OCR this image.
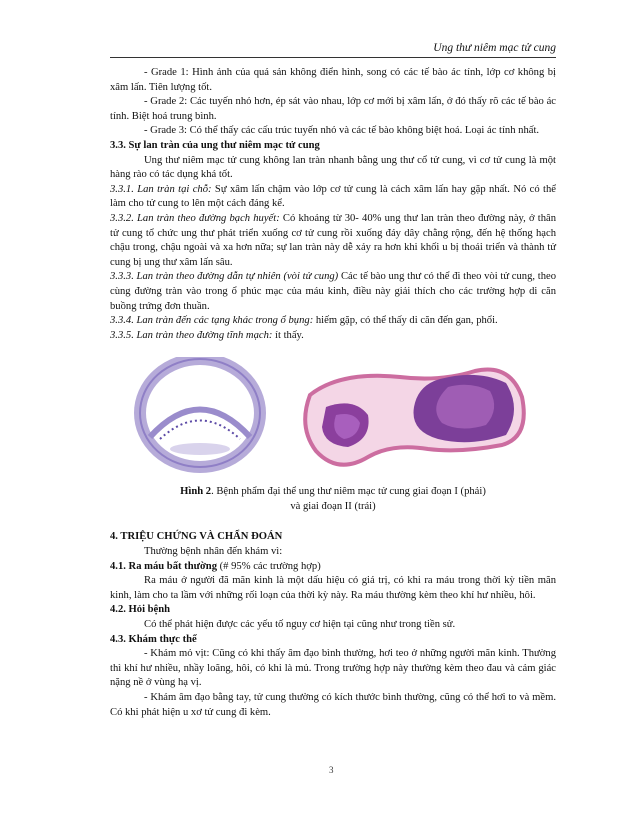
Ung thư niêm mạc tử cung

- Grade 1: Hình ảnh của quá sản không điển hình, song có các tế bào ác tính, lớp cơ không bị xâm lấn. Tiên lượng tốt.

- Grade 2: Các tuyến nhỏ hơn, ép sát vào nhau, lớp cơ mới bị xâm lấn, ở đó thấy rõ các tế bào ác tính. Biệt hoá trung bình.

- Grade 3: Có thể thấy các cấu trúc tuyến nhỏ và các tế bào không biệt hoá. Loại ác tính nhất.

3.3. Sự lan tràn của ung thư niêm mạc tử cung

Ung thư niêm mạc tử cung không lan tràn nhanh bằng ung thư cổ tử cung, vì cơ tử cung là một hàng rào có tác dụng khá tốt.

3.3.1. Lan tràn tại chỗ: Sự xâm lấn chậm vào lớp cơ tử cung là cách xâm lấn hay gặp nhất. Nó có thể làm cho tử cung to lên một cách đáng kể.

3.3.2. Lan tràn theo đường bạch huyết: Có khoảng từ 30- 40% ung thư lan tràn theo đường này, ở thân tử cung tổ chức ung thư phát triển xuống cơ tử cung rồi xuống đáy dây chằng rộng, đến hệ thống hạch chậu trong, chậu ngoài và xa hơn nữa; sự lan tràn này dễ xảy ra hơn khi khối u bị thoái triển và thành tử cung bị ung thư xâm lấn sâu.

3.3.3. Lan tràn theo đường dẫn tự nhiên (vòi tử cung) Các tế bào ung thư có thể đi theo vòi tử cung, theo cùng đường tràn vào trong ổ phúc mạc của máu kinh, điều này giải thích cho các trường hợp di căn buồng trứng đơn thuần.

3.3.4. Lan tràn đến các tạng khác trong ổ bụng: hiếm gặp, có thể thấy di căn đến gan, phổi.

3.3.5. Lan tràn theo đường tĩnh mạch: ít thấy.

Hình 2. Bệnh phẩm đại thể ung thư niêm mạc tử cung giai đoạn I (phải)

và giai đoạn II (trái)

4. TRIỆU CHỨNG VÀ CHẨN ĐOÁN

Thường bệnh nhân đến khám vì:

4.1. Ra máu bất thường (# 95% các trường hợp)

Ra máu ở người đã mãn kinh là một dấu hiệu có giá trị, có khi ra máu trong thời kỳ tiền mãn kinh, làm cho ta lầm với những rối loạn của thời kỳ này. Ra máu thường kèm theo khí hư nhiều, hôi.

4.2. Hỏi bệnh

Có thể phát hiện được các yếu tố nguy cơ hiện tại cũng như trong tiền sử.

4.3. Khám thực thể

- Khám mỏ vịt: Cũng có khi thấy âm đạo bình thường, hơi teo ở những người mãn kinh. Thường thì khí hư nhiều, nhầy loãng, hôi, có khi là mủ. Trong trường hợp này thường kèm theo đau và cảm giác nặng nề ở vùng hạ vị.

- Khám âm đạo bằng tay, tử cung thường có kích thước bình thường, cũng có thể hơi to và mềm. Có khi phát hiện u xơ tử cung đi kèm.

3
